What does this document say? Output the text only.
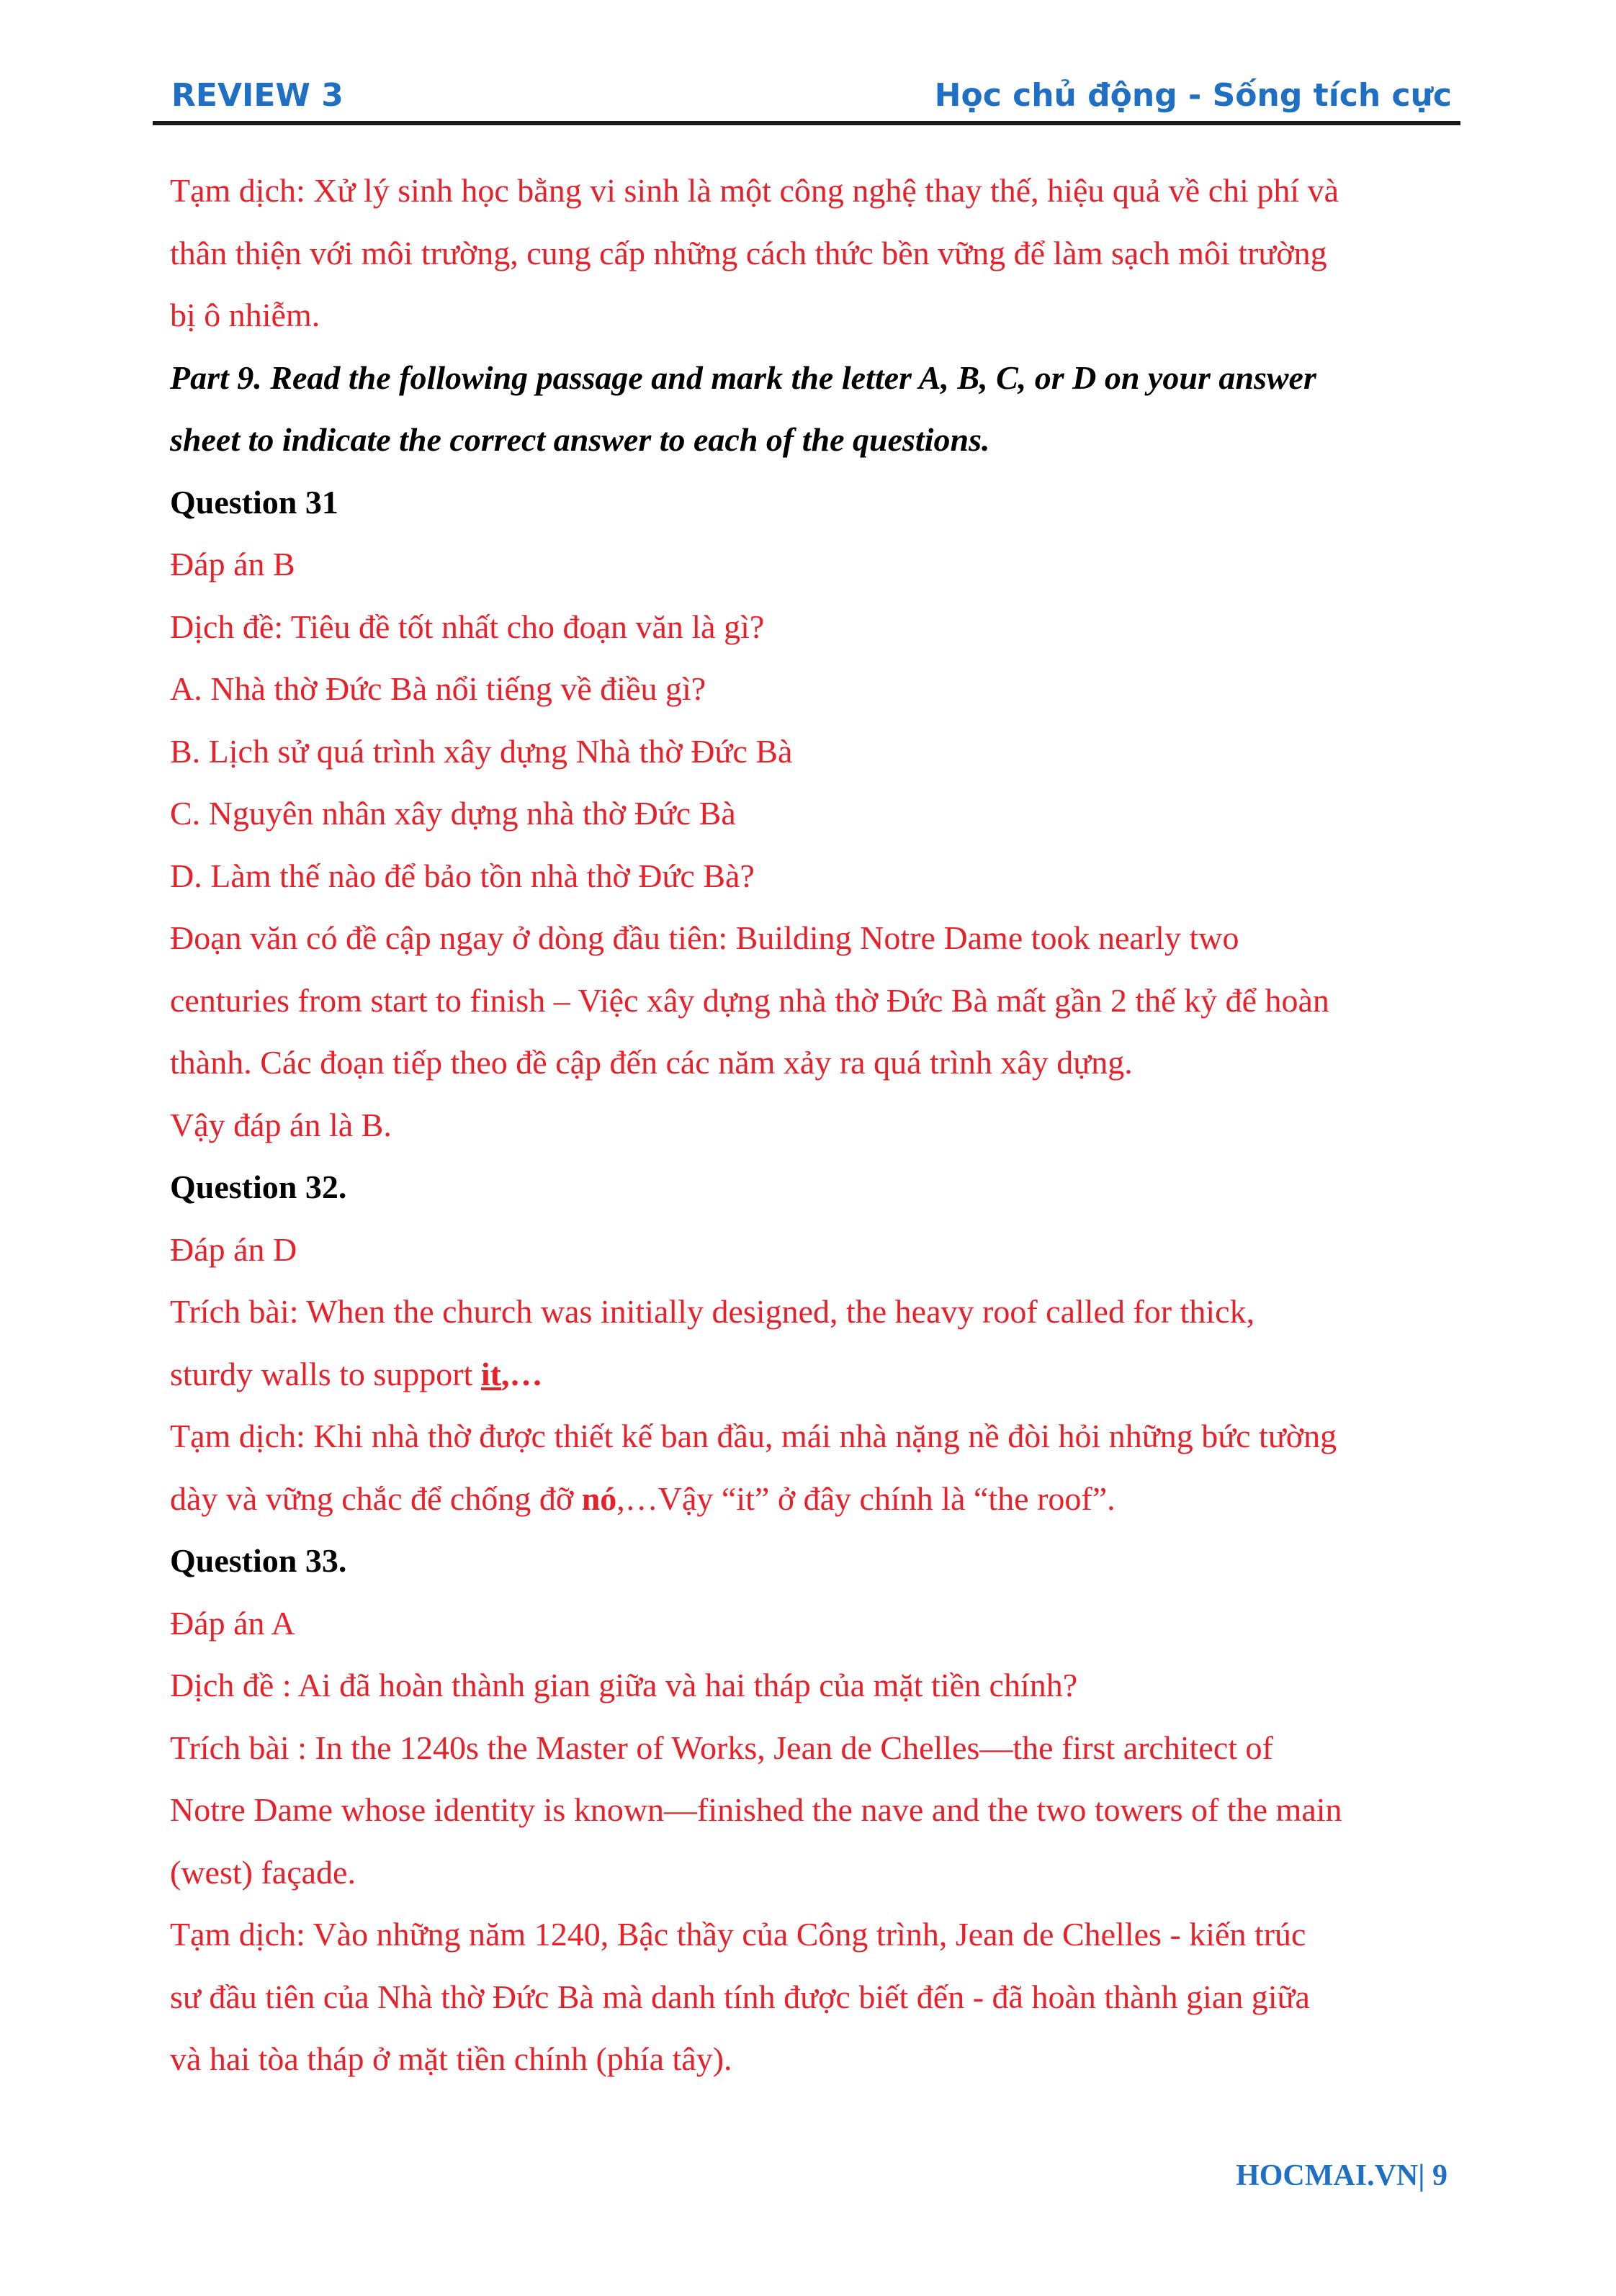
REVIEW 3	Học chủ động - Sống tích cực
Tạm dịch: Xử lý sinh học bằng vi sinh là một công nghệ thay thế, hiệu quả về chi phí và
thân thiện với môi trường, cung cấp những cách thức bền vững để làm sạch môi trường
bị ô nhiễm.
Part 9. Read the following passage and mark the letter A, B, C, or D on your answer
sheet to indicate the correct answer to each of the questions.
Question 31
Đáp án B
Dịch đề: Tiêu đề tốt nhất cho đoạn văn là gì?
A. Nhà thờ Đức Bà nổi tiếng về điều gì?
B. Lịch sử quá trình xây dựng Nhà thờ Đức Bà
C. Nguyên nhân xây dựng nhà thờ Đức Bà
D. Làm thế nào để bảo tồn nhà thờ Đức Bà?
Đoạn văn có đề cập ngay ở dòng đầu tiên: Building Notre Dame took nearly two
centuries from start to finish – Việc xây dựng nhà thờ Đức Bà mất gần 2 thế kỷ để hoàn
thành. Các đoạn tiếp theo đề cập đến các năm xảy ra quá trình xây dựng.
Vậy đáp án là B.
Question 32.
Đáp án D
Trích bài: When the church was initially designed, the heavy roof called for thick,
sturdy walls to support it,…
Tạm dịch: Khi nhà thờ được thiết kế ban đầu, mái nhà nặng nề đòi hỏi những bức tường
dày và vững chắc để chống đỡ nó,…Vậy “it” ở đây chính là “the roof”.
Question 33.
Đáp án A
Dịch đề : Ai đã hoàn thành gian giữa và hai tháp của mặt tiền chính?
Trích bài : In the 1240s the Master of Works, Jean de Chelles—the first architect of
Notre Dame whose identity is known—finished the nave and the two towers of the main
(west) façade.
Tạm dịch: Vào những năm 1240, Bậc thầy của Công trình, Jean de Chelles - kiến trúc
sư đầu tiên của Nhà thờ Đức Bà mà danh tính được biết đến - đã hoàn thành gian giữa
và hai tòa tháp ở mặt tiền chính (phía tây).
HOCMAI.VN| 9
